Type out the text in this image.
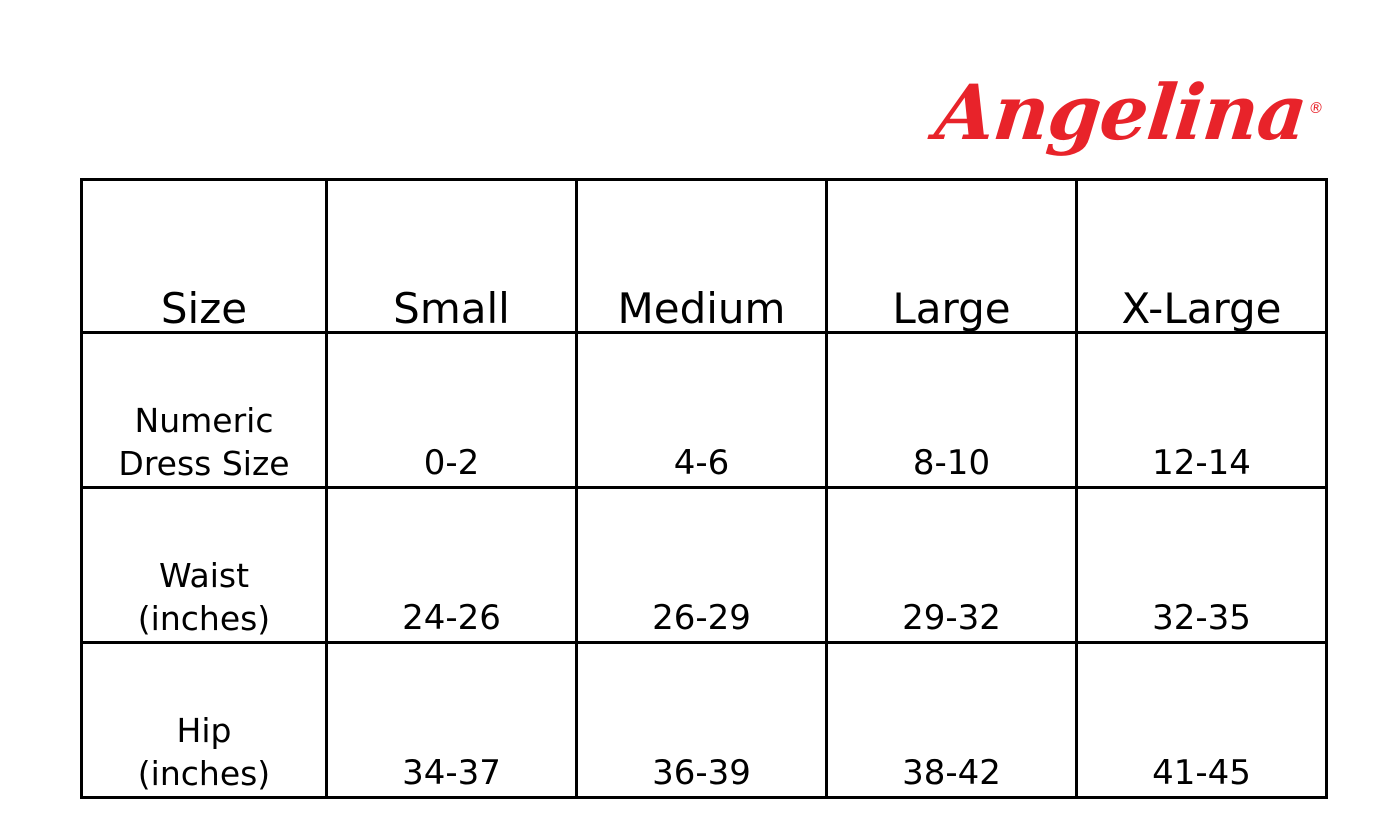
Angelina®
Size	Small	Medium	Large	X-Large

Numeric
Dress Size	0-2	4-6	8-10	12-14

Waist
(inches)	24-26	26-29	29-32	32-35

Hip
(inches)	34-37	36-39	38-42	41-45
